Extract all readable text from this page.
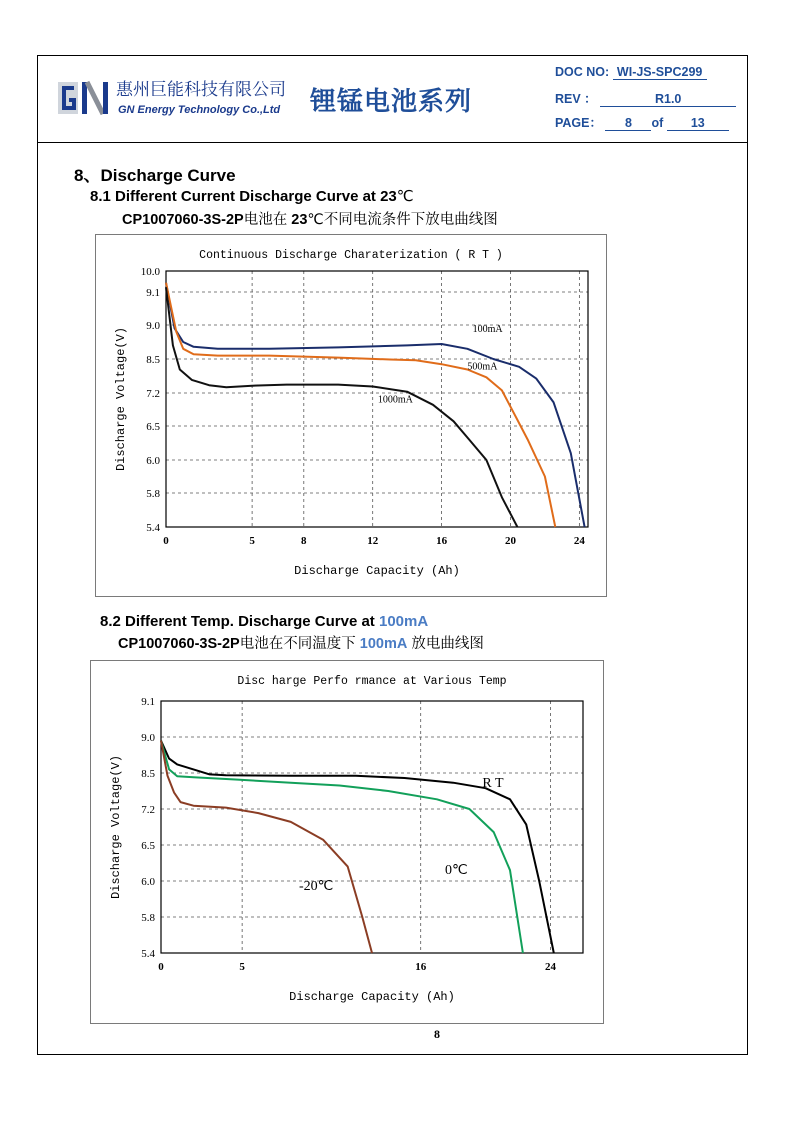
惠州巨能科技有限公司
GN Energy Technology Co.,Ltd 锂锰电池系列
DOC NO: WI-JS-SPC299
REV ：	R1.0
PAGE： 8 of 13
8、Discharge Curve
8.1 Different Current Discharge Curve at 23℃
CP1007060-3S-2P电池在 23℃不同电流条件下放电曲线图
0	5	8	12	16	20	24
5.4
5.8
6.0
6.5
7.2
8.5
9.0
9.1
10.0
100mA
500mA
1000mA
Continuous Discharge Charaterization ( R T )
Discharge Capacity (Ah)
Discharge Voltage(V)
8.2 Different Temp. Discharge Curve at 100mA
CP1007060-3S-2P电池在不同温度下 100mA 放电曲线图
0	5	16	24
5.4
5.8
6.0
6.5
7.2
8.5
9.0
9.1
R T
0℃
-20℃
Disc harge Perfo rmance at Various Temp
Discharge Capacity (Ah)
Discharge Voltage(V)
8
